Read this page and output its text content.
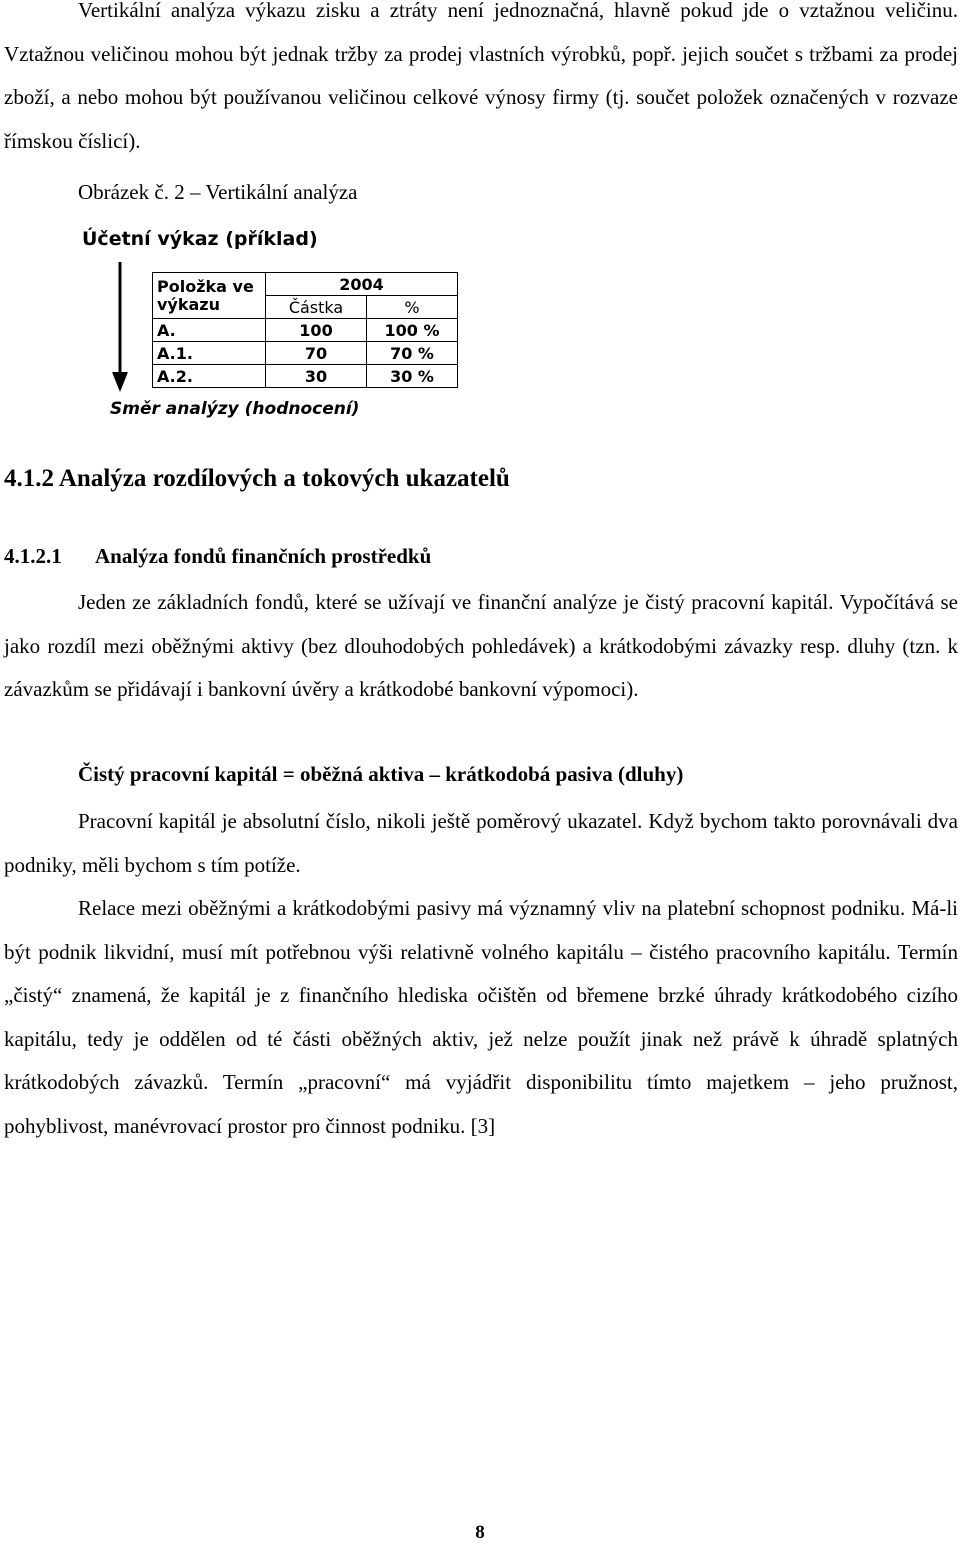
Vertikální analýza výkazu zisku a ztráty není jednoznačná, hlavně pokud jde o vztažnou veličinu. Vztažnou veličinou mohou být jednak tržby za prodej vlastních výrobků, popř. jejich součet s tržbami za prodej zboží, a nebo mohou být používanou veličinou celkové výnosy firmy (tj. součet položek označených v rozvaze římskou číslicí).
Obrázek č. 2 – Vertikální analýza
Účetní výkaz (příklad)
Položka ve výkazu	2004	
	Částka	%
A.	100	100 %
A.1.	70	70 %
A.2.	30	30 %
Směr analýzy (hodnocení)
4.1.2 Analýza rozdílových a tokových ukazatelů
4.1.2.1 Analýza fondů finančních prostředků
Jeden ze základních fondů, které se užívají ve finanční analýze je čistý pracovní kapitál. Vypočítává se jako rozdíl mezi oběžnými aktivy (bez dlouhodobých pohledávek) a krátkodobými závazky resp. dluhy (tzn. k závazkům se přidávají i bankovní úvěry a krátkodobé bankovní výpomoci).
Čistý pracovní kapitál = oběžná aktiva – krátkodobá pasiva (dluhy)
Pracovní kapitál je absolutní číslo, nikoli ještě poměrový ukazatel. Když bychom takto porovnávali dva podniky, měli bychom s tím potíže.
Relace mezi oběžnými a krátkodobými pasivy má významný vliv na platební schopnost podniku. Má-li být podnik likvidní, musí mít potřebnou výši relativně volného kapitálu – čistého pracovního kapitálu. Termín „čistý“ znamená, že kapitál je z finančního hlediska očištěn od břemene brzké úhrady krátkodobého cizího kapitálu, tedy je oddělen od té části oběžných aktiv, jež nelze použít jinak než právě k úhradě splatných krátkodobých závazků. Termín „pracovní“ má vyjádřit disponibilitu tímto majetkem – jeho pružnost, pohyblivost, manévrovací prostor pro činnost podniku. [3]
8
